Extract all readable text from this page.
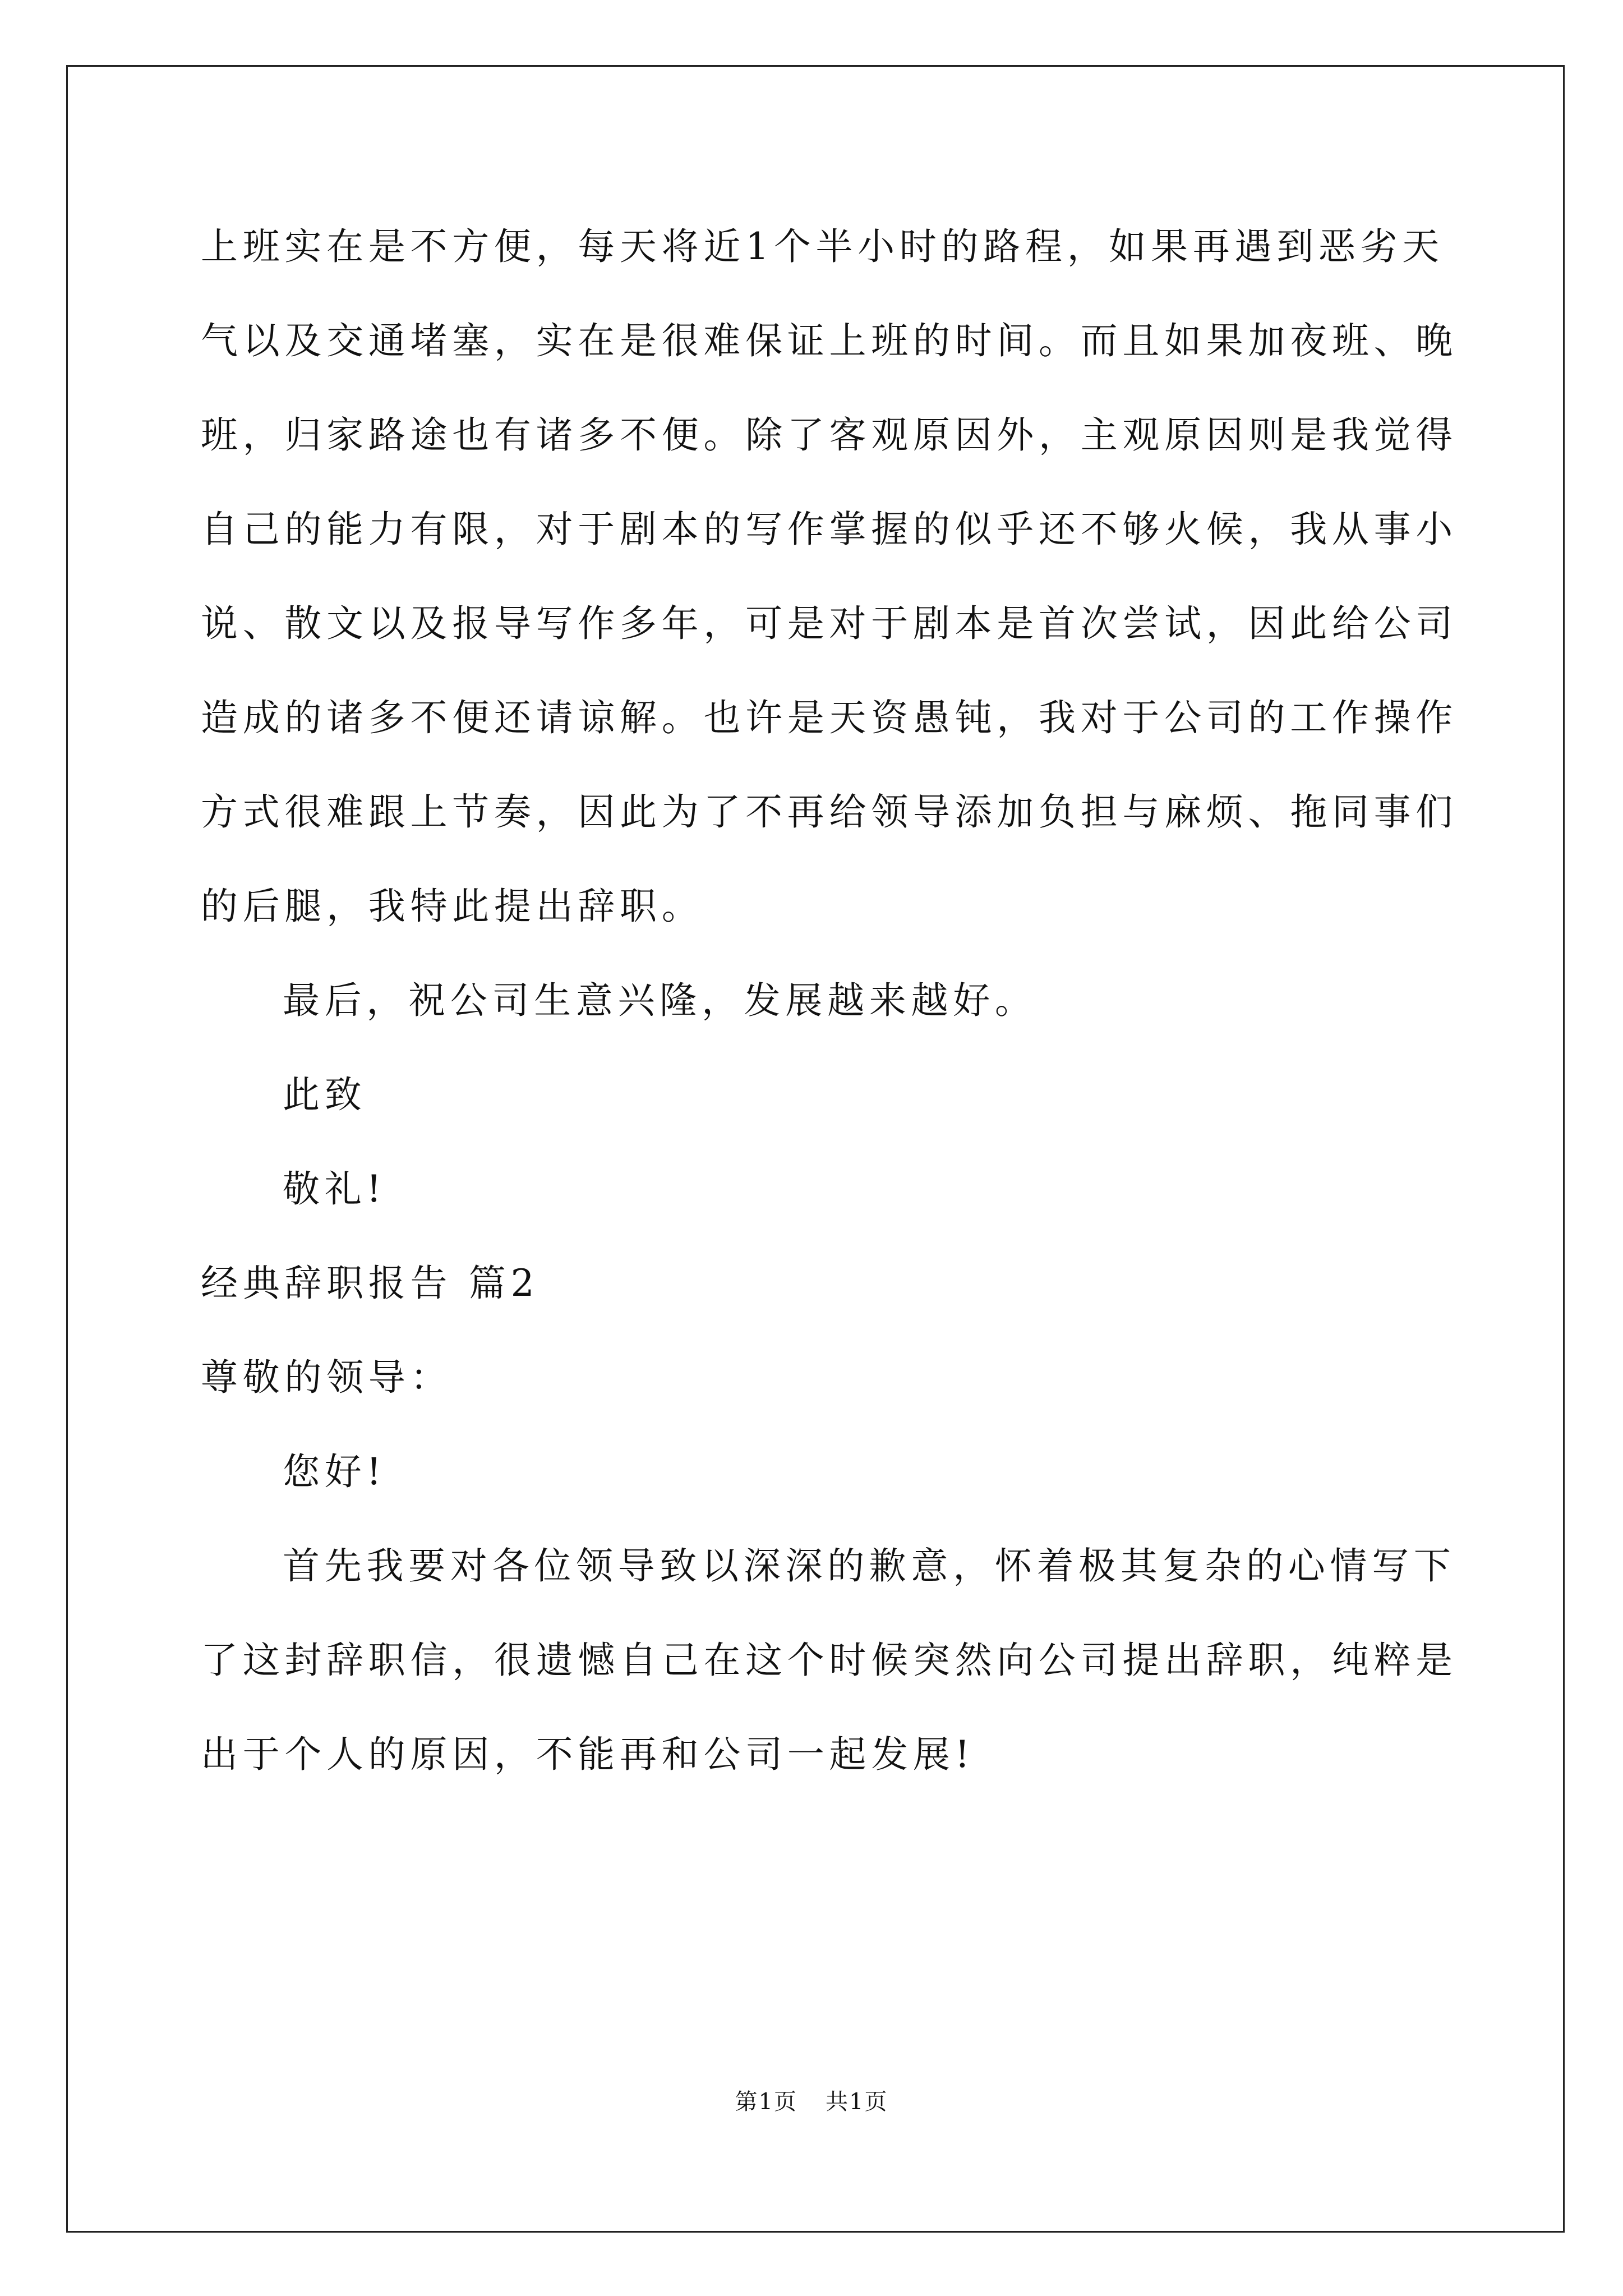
上班实在是不方便，每天将近1个半小时的路程，如果再遇到恶劣天
气以及交通堵塞，实在是很难保证上班的时间。而且如果加夜班、晚
班，归家路途也有诸多不便。除了客观原因外，主观原因则是我觉得
自己的能力有限，对于剧本的写作掌握的似乎还不够火候，我从事小
说、散文以及报导写作多年，可是对于剧本是首次尝试，因此给公司
造成的诸多不便还请谅解。也许是天资愚钝，我对于公司的工作操作
方式很难跟上节奏，因此为了不再给领导添加负担与麻烦、拖同事们
的后腿，我特此提出辞职。
最后，祝公司生意兴隆，发展越来越好。
此致
敬礼!
经典辞职报告 篇2
尊敬的领导：
您好!
首先我要对各位领导致以深深的歉意，怀着极其复杂的心情写下
了这封辞职信，很遗憾自己在这个时候突然向公司提出辞职，纯粹是
出于个人的原因，不能再和公司一起发展!
第1页 共1页
